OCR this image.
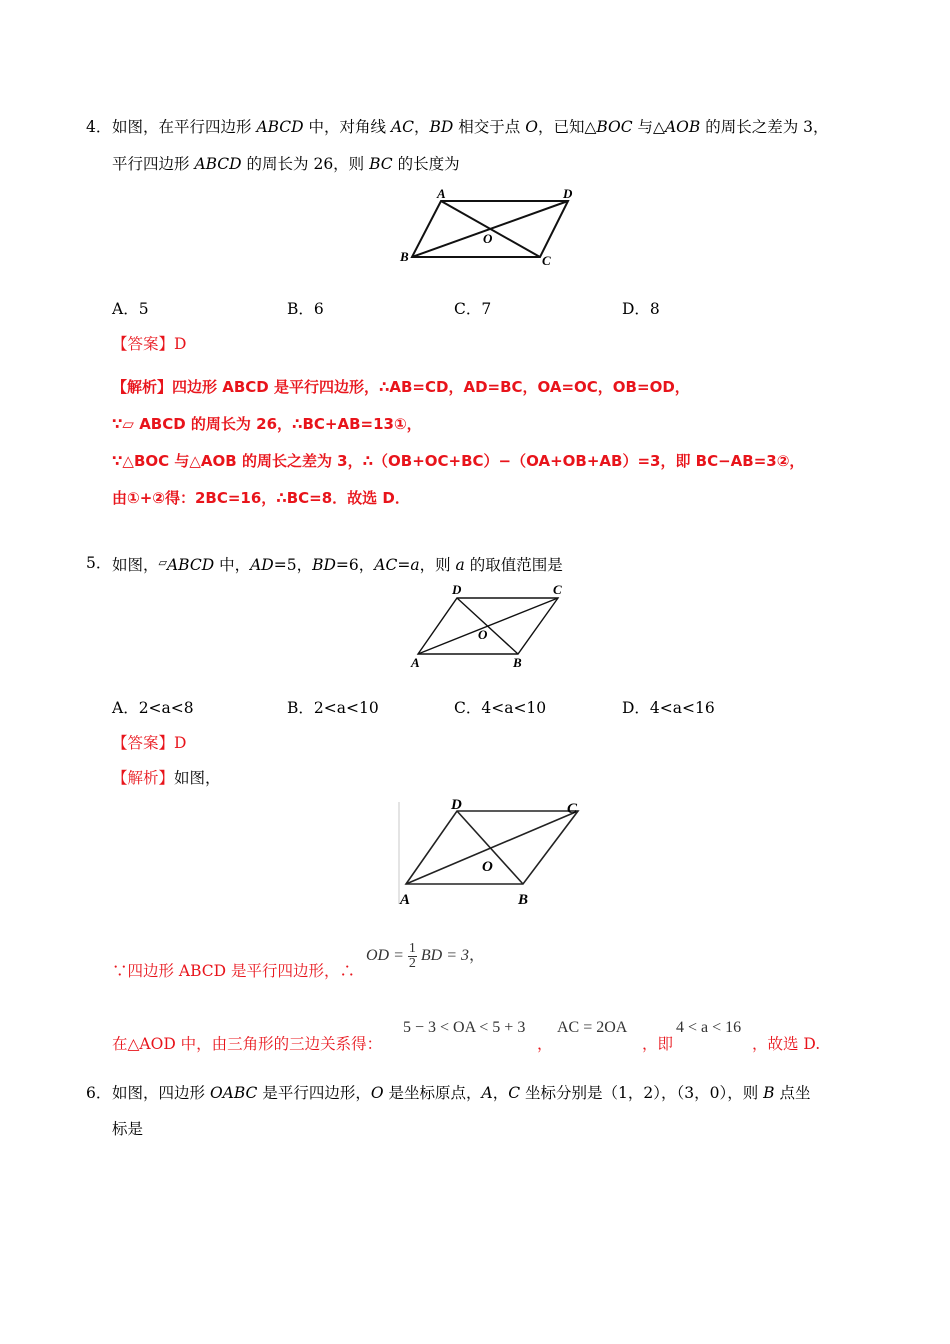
4． 如图，在平行四边形 ABCD 中，对角线 AC，BD 相交于点 O，已知△BOC 与△AOB 的周长之差为 3，
平行四边形 ABCD 的周长为 26，则 BC 的长度为
A	D
O
B	C
A．5	B．6	C．7	D．8
【答案】D
【解析】四边形 ABCD 是平行四边形，∴AB=CD，AD=BC，OA=OC，OB=OD，
∵▱ ABCD 的周长为 26，∴BC+AB=13①，
∵△BOC 与△AOB 的周长之差为 3，∴（OB+OC+BC）−（OA+OB+AB）=3，即 BC−AB=3②，
由①+②得：2BC=16，∴BC=8．故选 D．
5． 如图，▱ABCD 中，AD=5，BD=6，AC=a，则 a 的取值范围是
D	C
O
A	B
A．2<a<8	B．2<a<10	C．4<a<10	D．4<a<16
【答案】D
【解析】如图，
D	C
O
A	B
∵四边形 ABCD 是平行四边形，∴
OD = $\frac{1}{2}$ BD = 3，
在△AOD 中，由三角形的三边关系得：
5 − 3 < OA < 5 + 3
，
AC = 2OA
，即
4 < a < 16
，故选 D.
6． 如图，四边形 OABC 是平行四边形，O 是坐标原点，A，C 坐标分别是（1，2），（3，0），则 B 点坐
标是
